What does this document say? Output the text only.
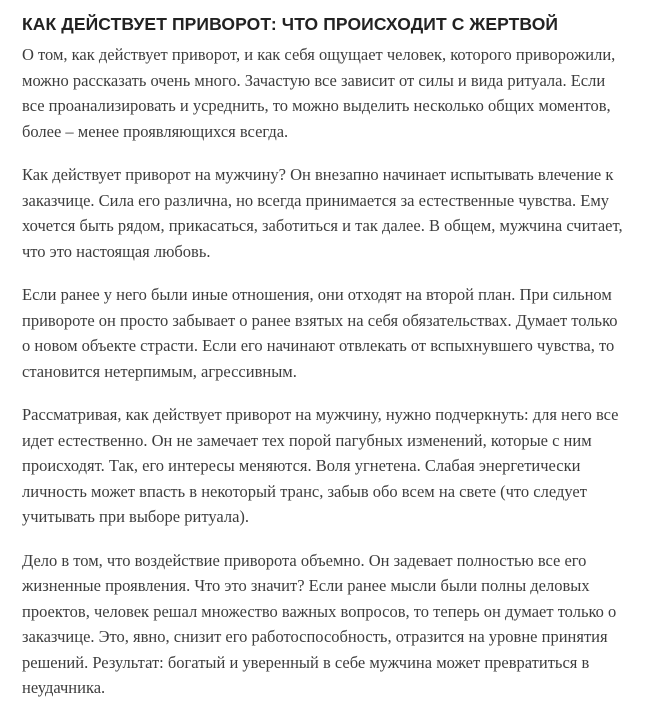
КАК ДЕЙСТВУЕТ ПРИВОРОТ: ЧТО ПРОИСХОДИТ С ЖЕРТВОЙ

О том, как действует приворот, и как себя ощущает человек, которого приворожили, можно рассказать очень много. Зачастую все зависит от силы и вида ритуала. Если все проанализировать и усреднить, то можно выделить несколько общих моментов, более – менее проявляющихся всегда.

Как действует приворот на мужчину? Он внезапно начинает испытывать влечение к заказчице. Сила его различна, но всегда принимается за естественные чувства. Ему хочется быть рядом, прикасаться, заботиться и так далее. В общем, мужчина считает, что это настоящая любовь.

Если ранее у него были иные отношения, они отходят на второй план. При сильном привороте он просто забывает о ранее взятых на себя обязательствах. Думает только о новом объекте страсти. Если его начинают отвлекать от вспыхнувшего чувства, то становится нетерпимым, агрессивным.

Рассматривая, как действует приворот на мужчину, нужно подчеркнуть: для него все идет естественно. Он не замечает тех порой пагубных изменений, которые с ним происходят. Так, его интересы меняются. Воля угнетена. Слабая энергетически личность может впасть в некоторый транс, забыв обо всем на свете (что следует учитывать при выборе ритуала).

Дело в том, что воздействие приворота объемно. Он задевает полностью все его жизненные проявления. Что это значит? Если ранее мысли были полны деловых проектов, человек решал множество важных вопросов, то теперь он думает только о заказчице. Это, явно, снизит его работоспособность, отразится на уровне принятия решений. Результат: богатый и уверенный в себе мужчина может превратиться в неудачника.
